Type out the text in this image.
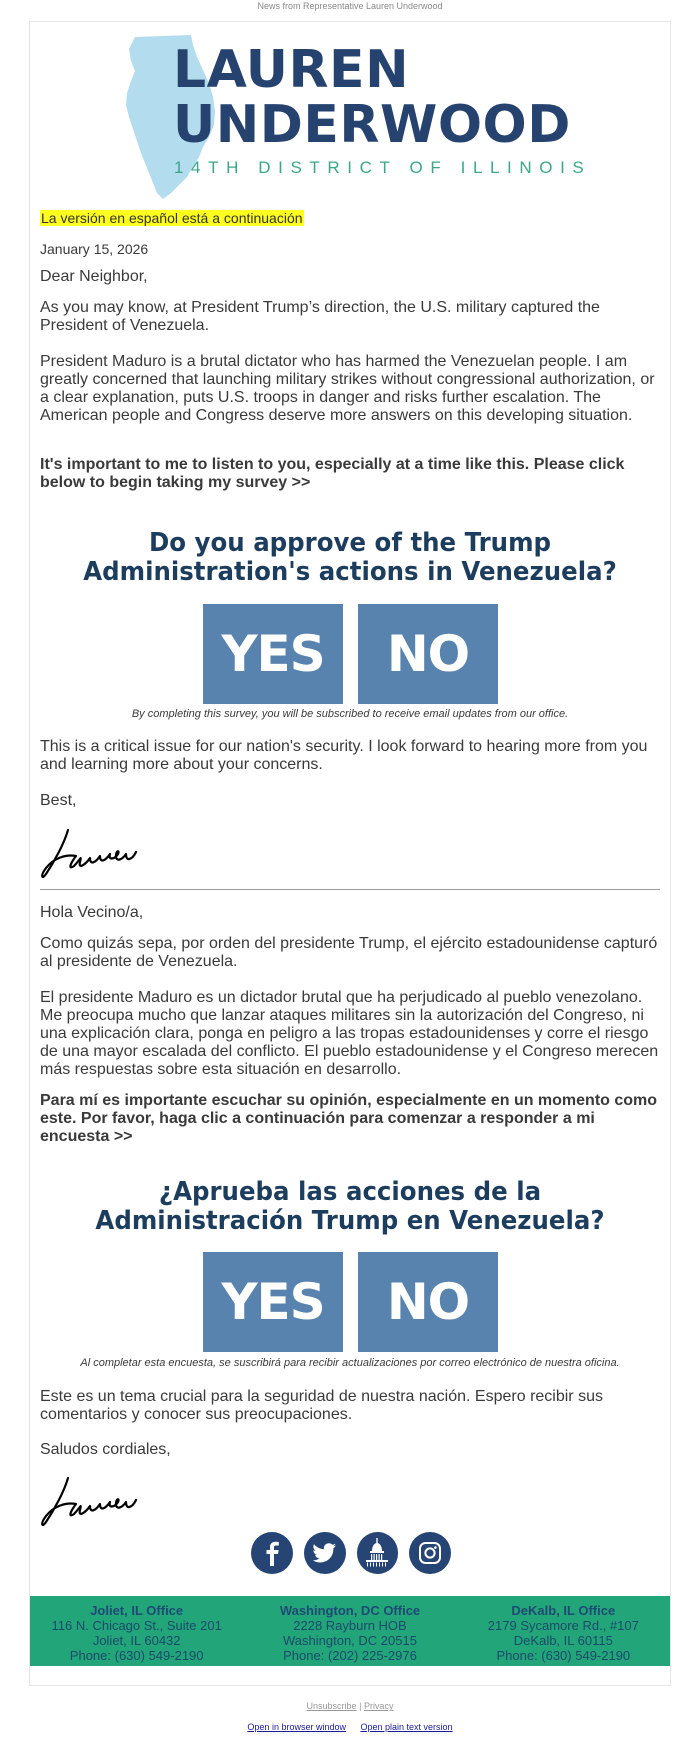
News from Representative Lauren Underwood
LAUREN
UNDERWOOD
14TH DISTRICT OF ILLINOIS
La versión en español está a continuación
January 15, 2026
Dear Neighbor,
As you may know, at President Trump’s direction, the U.S. military captured the President of Venezuela.
President Maduro is a brutal dictator who has harmed the Venezuelan people. I am greatly concerned that launching military strikes without congressional authorization, or a clear explanation, puts U.S. troops in danger and risks further escalation. The American people and Congress deserve more answers on this developing situation.
It's important to me to listen to you, especially at a time like this. Please click below to begin taking my survey >>
Do you approve of the Trump Administration's actions in Venezuela?
YES	NO
By completing this survey, you will be subscribed to receive email updates from our office.
This is a critical issue for our nation's security. I look forward to hearing more from you and learning more about your concerns.
Best,
Hola Vecino/a,
Como quizás sepa, por orden del presidente Trump, el ejército estadounidense capturó al presidente de Venezuela.
El presidente Maduro es un dictador brutal que ha perjudicado al pueblo venezolano. Me preocupa mucho que lanzar ataques militares sin la autorización del Congreso, ni una explicación clara, ponga en peligro a las tropas estadounidenses y corre el riesgo de una mayor escalada del conflicto. El pueblo estadounidense y el Congreso merecen más respuestas sobre esta situación en desarrollo.
Para mí es importante escuchar su opinión, especialmente en un momento como este. Por favor, haga clic a continuación para comenzar a responder a mi encuesta >>
¿Aprueba las acciones de la Administración Trump en Venezuela?
YES	NO
Al completar esta encuesta, se suscribirá para recibir actualizaciones por correo electrónico de nuestra oficina.
Este es un tema crucial para la seguridad de nuestra nación. Espero recibir sus comentarios y conocer sus preocupaciones.
Saludos cordiales,
Joliet, IL Office
116 N. Chicago St., Suite 201
Joliet, IL 60432
Phone: (630) 549-2190
Washington, DC Office
2228 Rayburn HOB
Washington, DC 20515
Phone: (202) 225-2976
DeKalb, IL Office
2179 Sycamore Rd., #107
DeKalb, IL 60115
Phone: (630) 549-2190
Unsubscribe | Privacy
Open in browser window Open plain text version
